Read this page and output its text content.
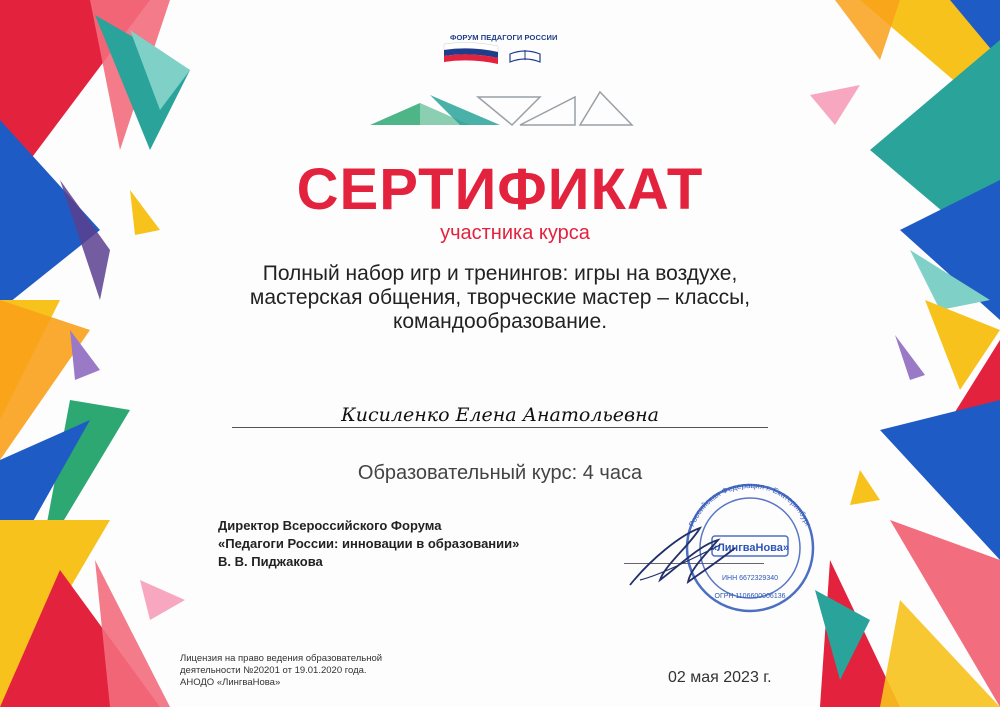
ФОРУМ ПЕДАГОГИ РОССИИ
СЕРТИФИКАТ
участника курса
Полный набор игр и тренингов: игры на воздухе,
мастерская общения, творческие мастер – классы,
командообразование.
Кисиленко Елена Анатольевна
Образовательный курс: 4 часа
Директор Всероссийского Форума
«Педагоги России: инновации в образовании»
В. В. Пиджакова
«ЛингваНова»
Российская Федерация г. Екатеринбург
ИНН 6672329340
ОГРН 1106600006136
Лицензия на право ведения образовательной
деятельности №20201 от 19.01.2020 года.
АНОДО «ЛингваНова»	02 мая 2023 г.
